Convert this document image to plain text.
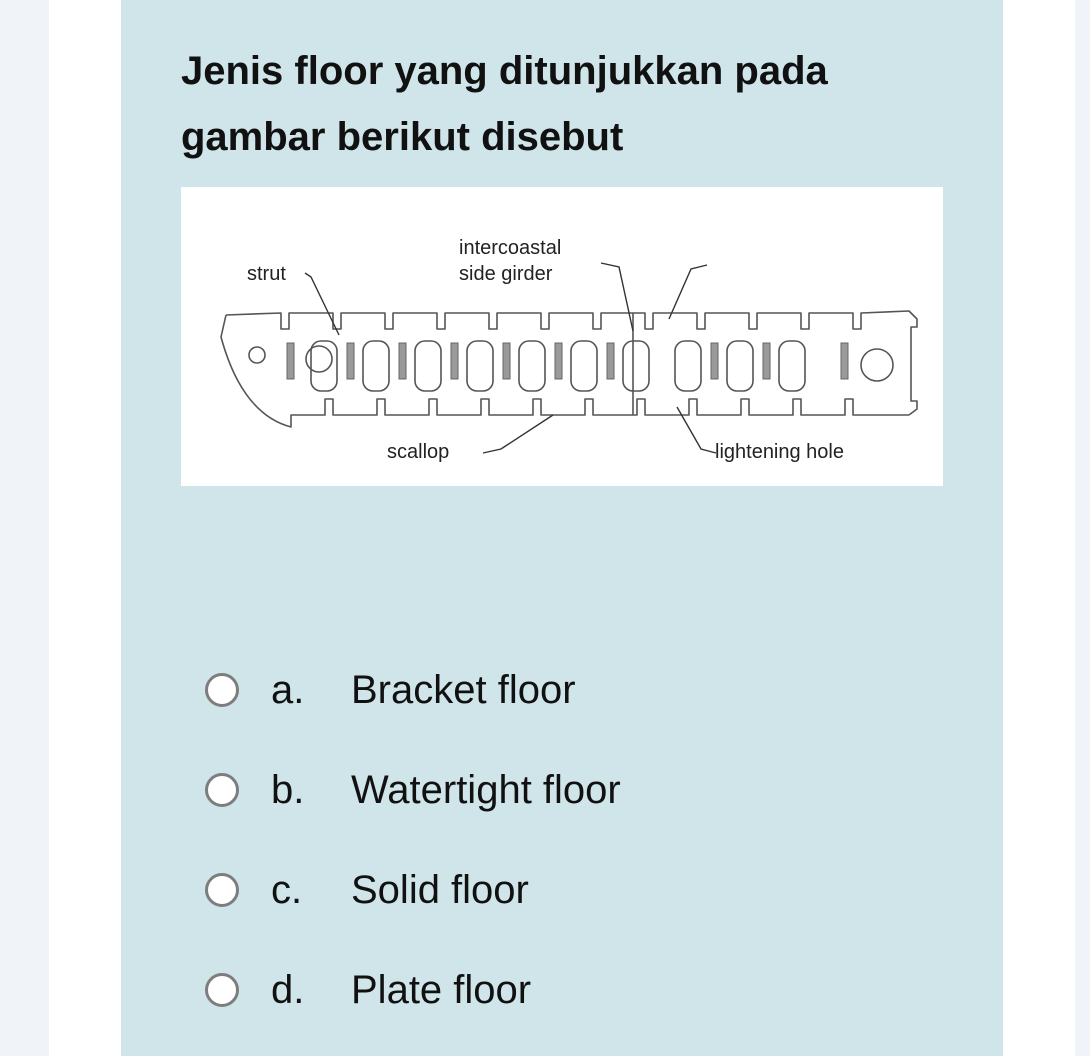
Jenis floor yang ditunjukkan pada gambar berikut disebut

strut
intercoastal
side girder
scallop	lightening hole
a. Bracket floor
b. Watertight floor
c. Solid floor
d. Plate floor
